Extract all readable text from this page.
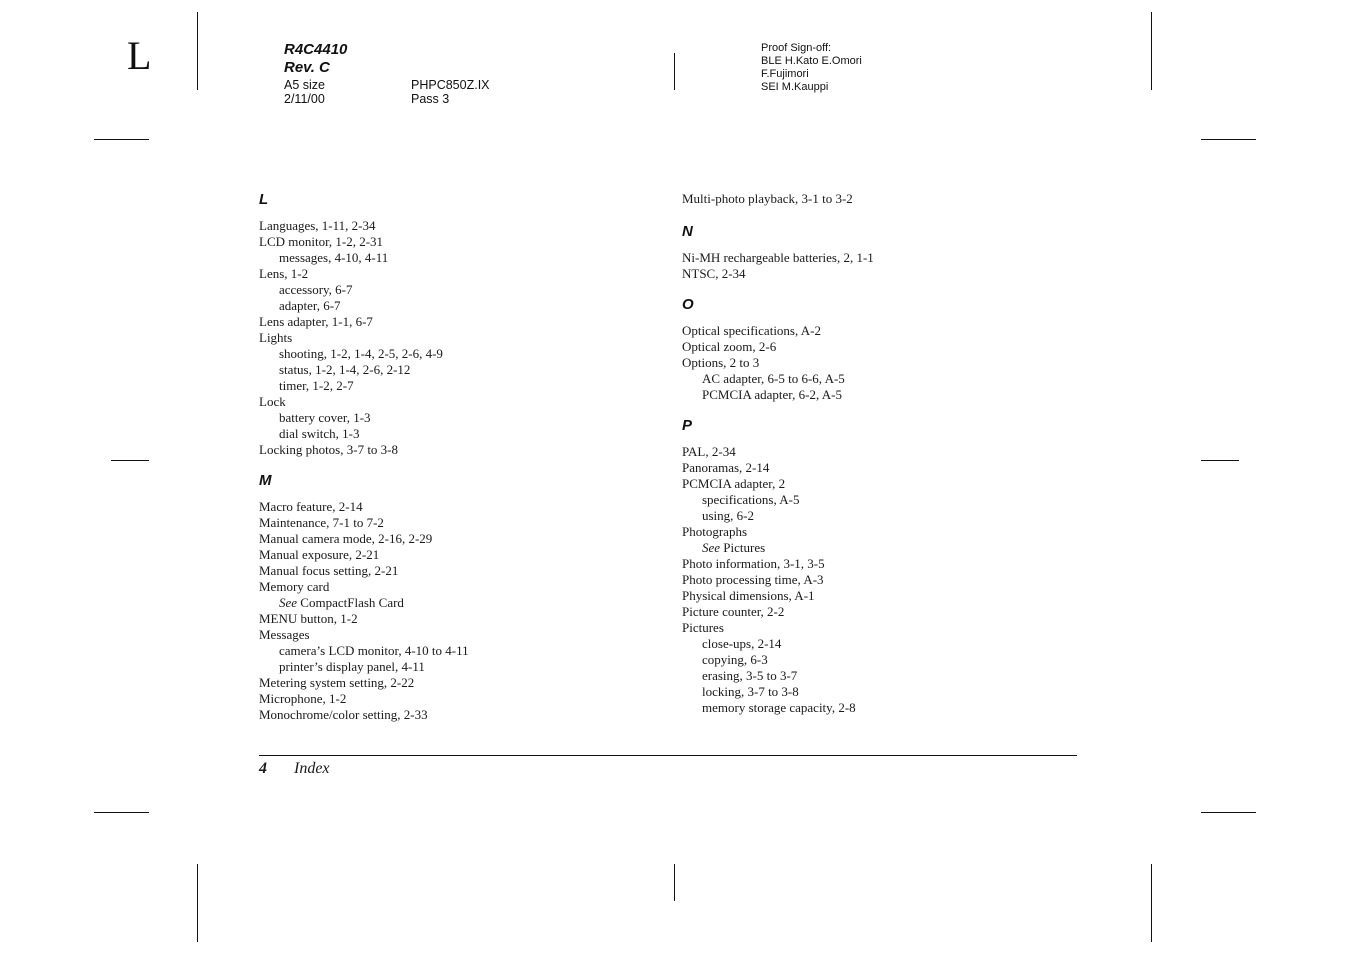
L	R4C4410
Rev. C
A5 size
2/11/00
PHPC850Z.IX
Pass 3
Proof Sign-off:
BLE H.Kato E.Omori
F.Fujimori
SEI M.Kauppi
L
Languages, 1-11, 2-34
LCD monitor, 1-2, 2-31
messages, 4-10, 4-11
Lens, 1-2
accessory, 6-7
adapter, 6-7
Lens adapter, 1-1, 6-7
Lights
shooting, 1-2, 1-4, 2-5, 2-6, 4-9
status, 1-2, 1-4, 2-6, 2-12
timer, 1-2, 2-7
Lock
battery cover, 1-3
dial switch, 1-3
Locking photos, 3-7 to 3-8
M
Macro feature, 2-14
Maintenance, 7-1 to 7-2
Manual camera mode, 2-16, 2-29
Manual exposure, 2-21
Manual focus setting, 2-21
Memory card
See CompactFlash Card
MENU button, 1-2
Messages
camera’s LCD monitor, 4-10 to 4-11
printer’s display panel, 4-11
Metering system setting, 2-22
Microphone, 1-2
Monochrome/color setting, 2-33
Multi-photo playback, 3-1 to 3-2
N
Ni-MH rechargeable batteries, 2, 1-1
NTSC, 2-34
O
Optical specifications, A-2
Optical zoom, 2-6
Options, 2 to 3
AC adapter, 6-5 to 6-6, A-5
PCMCIA adapter, 6-2, A-5
P
PAL, 2-34
Panoramas, 2-14
PCMCIA adapter, 2
specifications, A-5
using, 6-2
Photographs
See Pictures
Photo information, 3-1, 3-5
Photo processing time, A-3
Physical dimensions, A-1
Picture counter, 2-2
Pictures
close-ups, 2-14
copying, 6-3
erasing, 3-5 to 3-7
locking, 3-7 to 3-8
memory storage capacity, 2-8
4 Index
